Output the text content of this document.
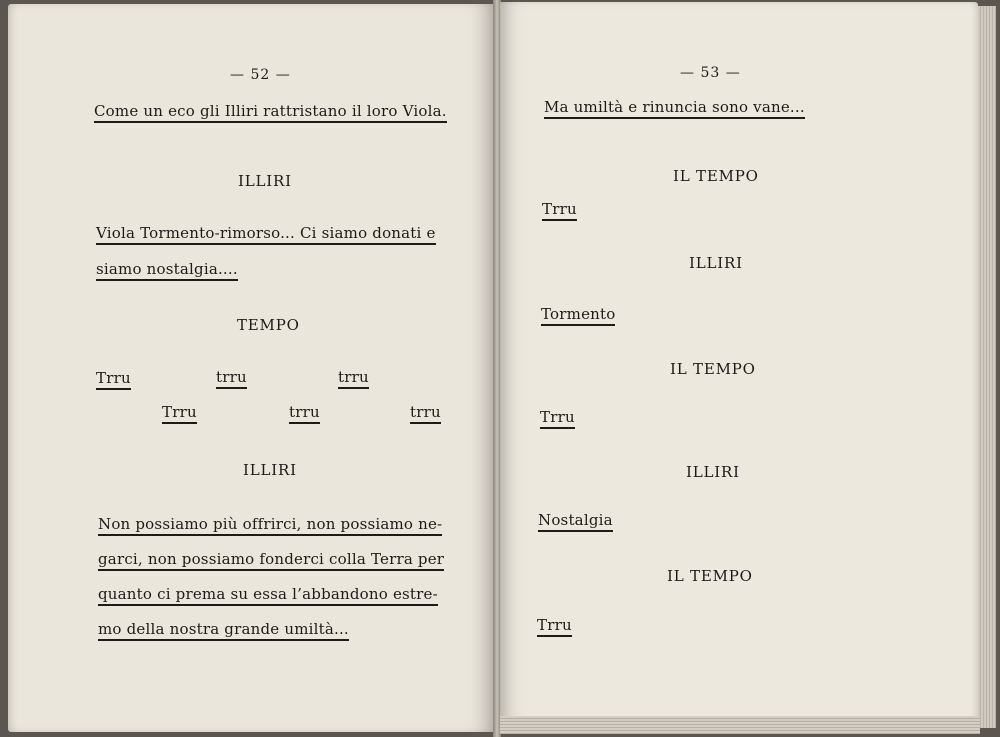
— 52 —
Come un eco gli Illiri rattristano il loro Viola.
ILLIRI
Viola Tormento-rimorso... Ci siamo donati e
siamo nostalgia....
TEMPO
Trru	trru	trru
Trru	trru	trru
ILLIRI
Non possiamo più offrirci, non possiamo ne-
garci, non possiamo fonderci colla Terra per
quanto ci prema su essa l’abbandono estre-
mo della nostra grande umiltà...
— 53 —
Ma umiltà e rinuncia sono vane...
IL TEMPO
Trru
ILLIRI
Tormento
IL TEMPO
Trru
ILLIRI
Nostalgia
IL TEMPO
Trru
